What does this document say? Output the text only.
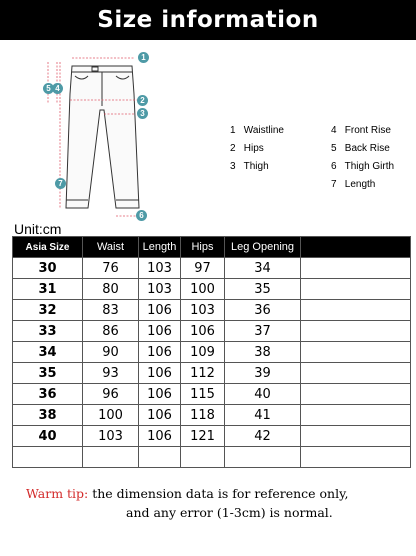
Size information
1
2
3
4
5
6
7
1 Waistline
2 Hips
3 Thigh
4 Front Rise
5 Back Rise
6 Thigh Girth
7 Length
Unit:cm
Asia Size	Waist	Length	Hips	Leg Opening	
30	76	103	97	34	
31	80	103	100	35	
32	83	106	103	36	
33	86	106	106	37	
34	90	106	109	38	
35	93	106	112	39	
36	96	106	115	40	
38	100	106	118	41	
40	103	106	121	42	

Warm tip: the dimension data is for reference only,
and any error (1-3cm) is normal.
